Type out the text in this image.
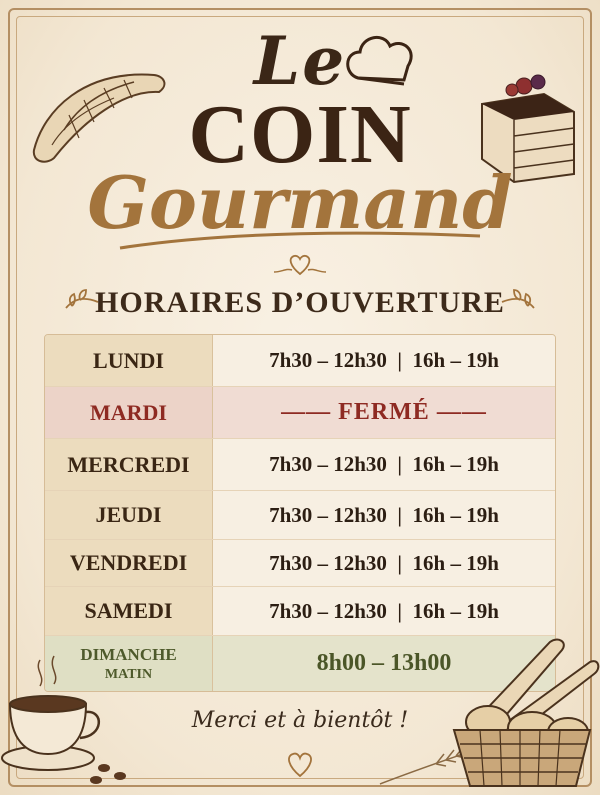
Le
COIN
Gourmand
HORAIRES D’OUVERTURE
LUNDI	7h30 – 12h30  |  16h – 19h
MARDI	—— FERMÉ ——
MERCREDI	7h30 – 12h30  |  16h – 19h
JEUDI	7h30 – 12h30  |  16h – 19h
VENDREDI	7h30 – 12h30  |  16h – 19h
SAMEDI	7h30 – 12h30  |  16h – 19h
DIMANCHE
MATIN	8h00 – 13h00
Merci et à bientôt !
